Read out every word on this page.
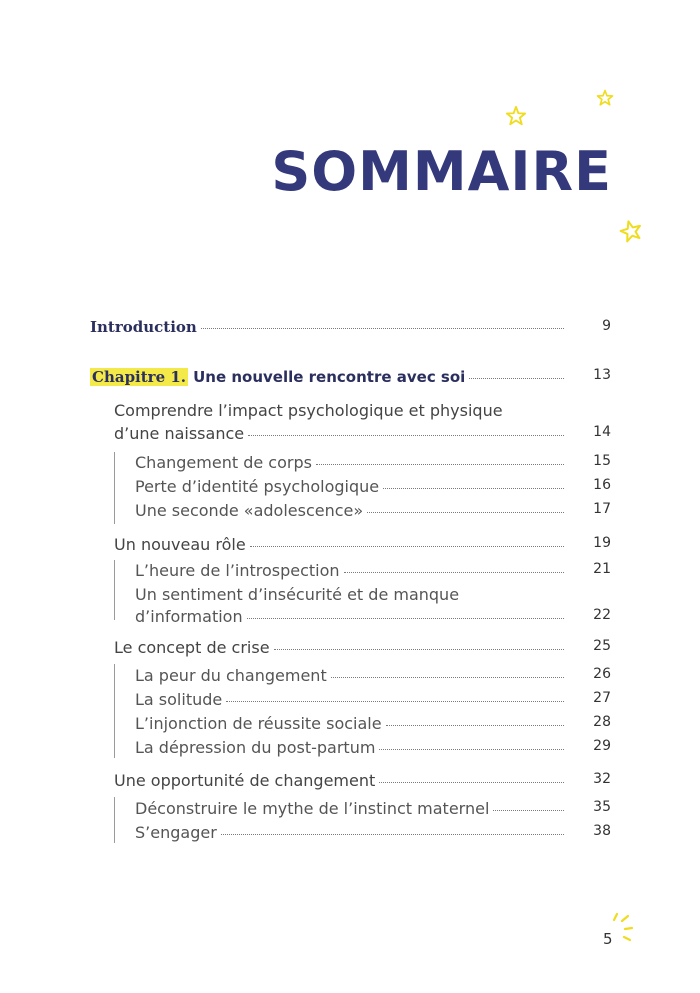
SOMMAIRE
Introduction	9
Chapitre 1. Une nouvelle rencontre avec soi	13
Comprendre l’impact psychologique et physique
d’une naissance	14
Changement de corps	15
Perte d’identité psychologique	16
Une seconde «adolescence»	17
Un nouveau rôle	19
L’heure de l’introspection	21
Un sentiment d’insécurité et de manque
d’information	22
Le concept de crise	25
La peur du changement	26
La solitude	27
L’injonction de réussite sociale	28
La dépression du post-partum	29
Une opportunité de changement	32
Déconstruire le mythe de l’instinct maternel	35
S’engager	38
5
